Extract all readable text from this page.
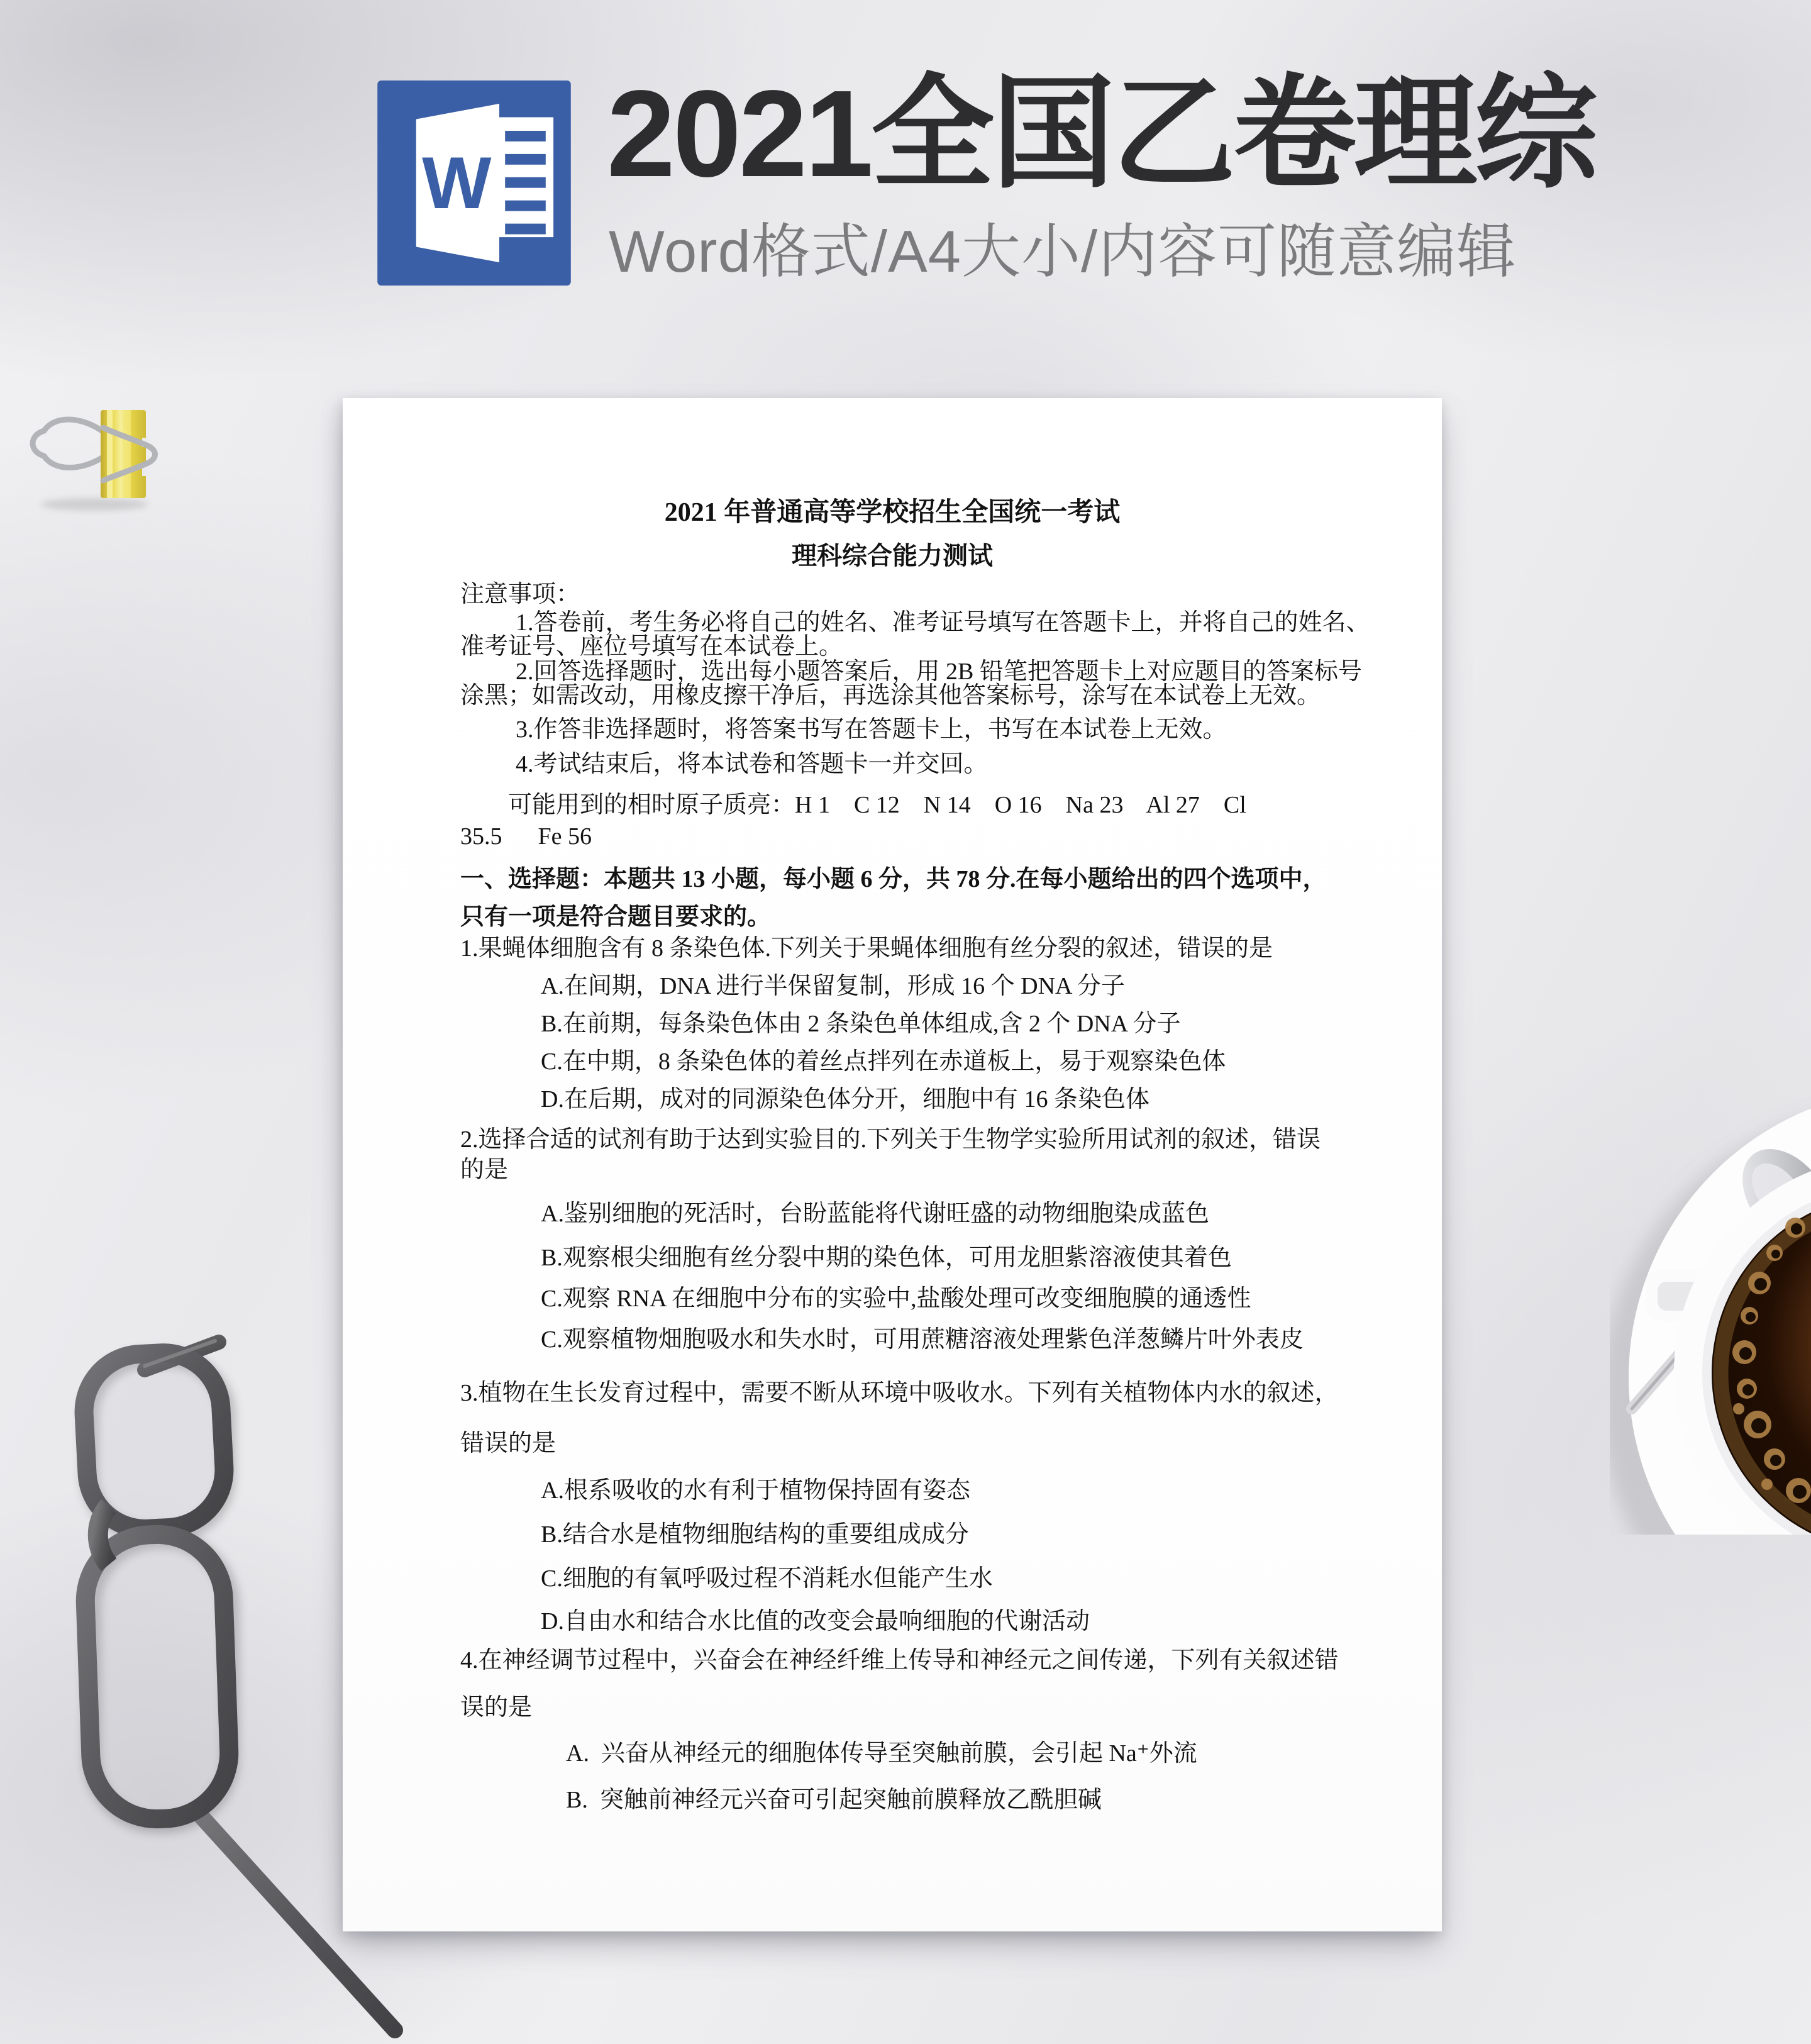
W 2021全国乙卷理综
Word格式/A4大小/内容可随意编辑
2021 年普通高等学校招生全国统一考试
理科综合能力测试
注意事项：
1.答卷前，考生务必将自己的姓名、准考证号填写在答题卡上，并将自己的姓名、
准考证号、座位号填写在本试卷上。
2.回答选择题时，选出每小题答案后，用 2B 铅笔把答题卡上对应题目的答案标号
涂黑；如需改动，用橡皮擦干净后，再选涂其他答案标号，涂写在本试卷上无效。
3.作答非选择题时，将答案书写在答题卡上，书写在本试卷上无效。
4.考试结束后，将本试卷和答题卡一并交回。
可能用到的相时原子质亮：H 1    C 12    N 14    O 16    Na 23    Al 27    Cl
35.5      Fe 56
一、选择题：本题共 13 小题，每小题 6 分，共 78 分.在每小题给出的四个选项中，
只有一项是符合题目要求的。
1.果蝇体细胞含有 8 条染色体.下列关于果蝇体细胞有丝分裂的叙述，错误的是
A.在间期，DNA 进行半保留复制，形成 16 个 DNA 分子
B.在前期，每条染色体由 2 条染色单体组成,含 2 个 DNA 分子
C.在中期，8 条染色体的着丝点拌列在赤道板上，易于观察染色体
D.在后期，成对的同源染色体分开，细胞中有 16 条染色体
2.选择合适的试剂有助于达到实验目的.下列关于生物学实验所用试剂的叙述，错误
的是
A.鉴别细胞的死活时，台盼蓝能将代谢旺盛的动物细胞染成蓝色
B.观察根尖细胞有丝分裂中期的染色体，可用龙胆紫溶液使其着色
C.观察 RNA 在细胞中分布的实验中,盐酸处理可改变细胞膜的通透性
C.观察植物畑胞吸水和失水时，可用蔗糖溶液处理紫色洋葱鳞片叶外表皮
3.植物在生长发育过程中，需要不断从环境中吸收水。下列有关植物体内水的叙述，
错误的是
A.根系吸收的水有利于植物保持固有姿态
B.结合水是植物细胞结构的重要组成成分
C.细胞的有氧呼吸过程不消耗水但能产生水
D.自由水和结合水比值的改变会最响细胞的代谢活动
4.在神经调节过程中，兴奋会在神经纤维上传导和神经元之间传递，下列有关叙述错
误的是
A.  兴奋从神经元的细胞体传导至突触前膜，会引起 Na⁺外流
B.  突触前神经元兴奋可引起突触前膜释放乙酰胆碱
